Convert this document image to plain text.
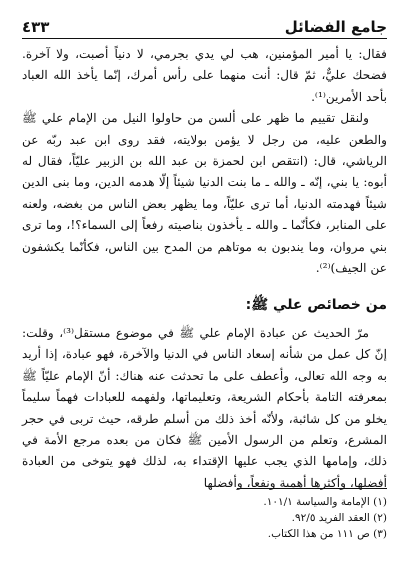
جامع الفضائل
٤٣٣

فقال: يا أمير المؤمنين، هب لي يدي بجرمي، لا دنياً أصبت، ولا آخرة. فضحك عليٌّ، ثمّ قال: أنت منهما على رأس أمرك، إنّما يأخذ الله العباد بأحد الأمرين⁽¹⁾.

ولنقل تقييم ما ظهر على ألسن من حاولوا النيل من الإمام علي ﷺ والطعن عليه، من رجل لا يؤمن بولايته، فقد روى ابن عبد ربّه عن الرياشي، قال: (انتقص ابن لحمزة بن عبد الله بن الزبير عليّاً، فقال له أبوه: يا بني، إنّه ـ والله ـ ما بنت الدنيا شيئاً إلّا هدمه الدين، وما بنى الدين شيئاً فهدمته الدنيا، أما ترى عليّاً، وما يظهر بعض الناس من بغضه، ولعنه على المنابر، فكأنّما ـ والله ـ يأخذون بناصيته رفعاً إلى السماء؟!، وما ترى بني مروان، وما يندبون به موتاهم من المدح بين الناس، فكأنّما يكشفون عن الجيف)⁽²⁾.

من خصائص علي ﷺ:

مرّ الحديث عن عبادة الإمام علي ﷺ في موضوع مستقل⁽³⁾، وقلت: إنّ كل عمل من شأنه إسعاد الناس في الدنيا والآخرة، فهو عبادة، إذا أريد به وجه الله تعالى، وأعطف على ما تحدثت عنه هناك: أنّ الإمام عليّاً ﷺ بمعرفته التامة بأحكام الشريعة، وتعليماتها، ولفهمه للعبادات فهماً سليماً يخلو من كل شائبة، ولأنّه أخذ ذلك من أسلم طرقه، حيث تربى في حجر المشرع، وتعلم من الرسول الأمين ﷺ فكان من بعده مرجع الأمة في ذلك، وإمامها الذي يجب عليها الإقتداء به، لذلك فهو يتوخى من العبادة أفضلها، وأكثرها أهمية ونفعاً، وأفضلها

(١) الإمامة والسياسة ١٠١/١.
(٢) العقد الفريد ٩٢/٥.
(٣) ص ١١١ من هذا الكتاب.
